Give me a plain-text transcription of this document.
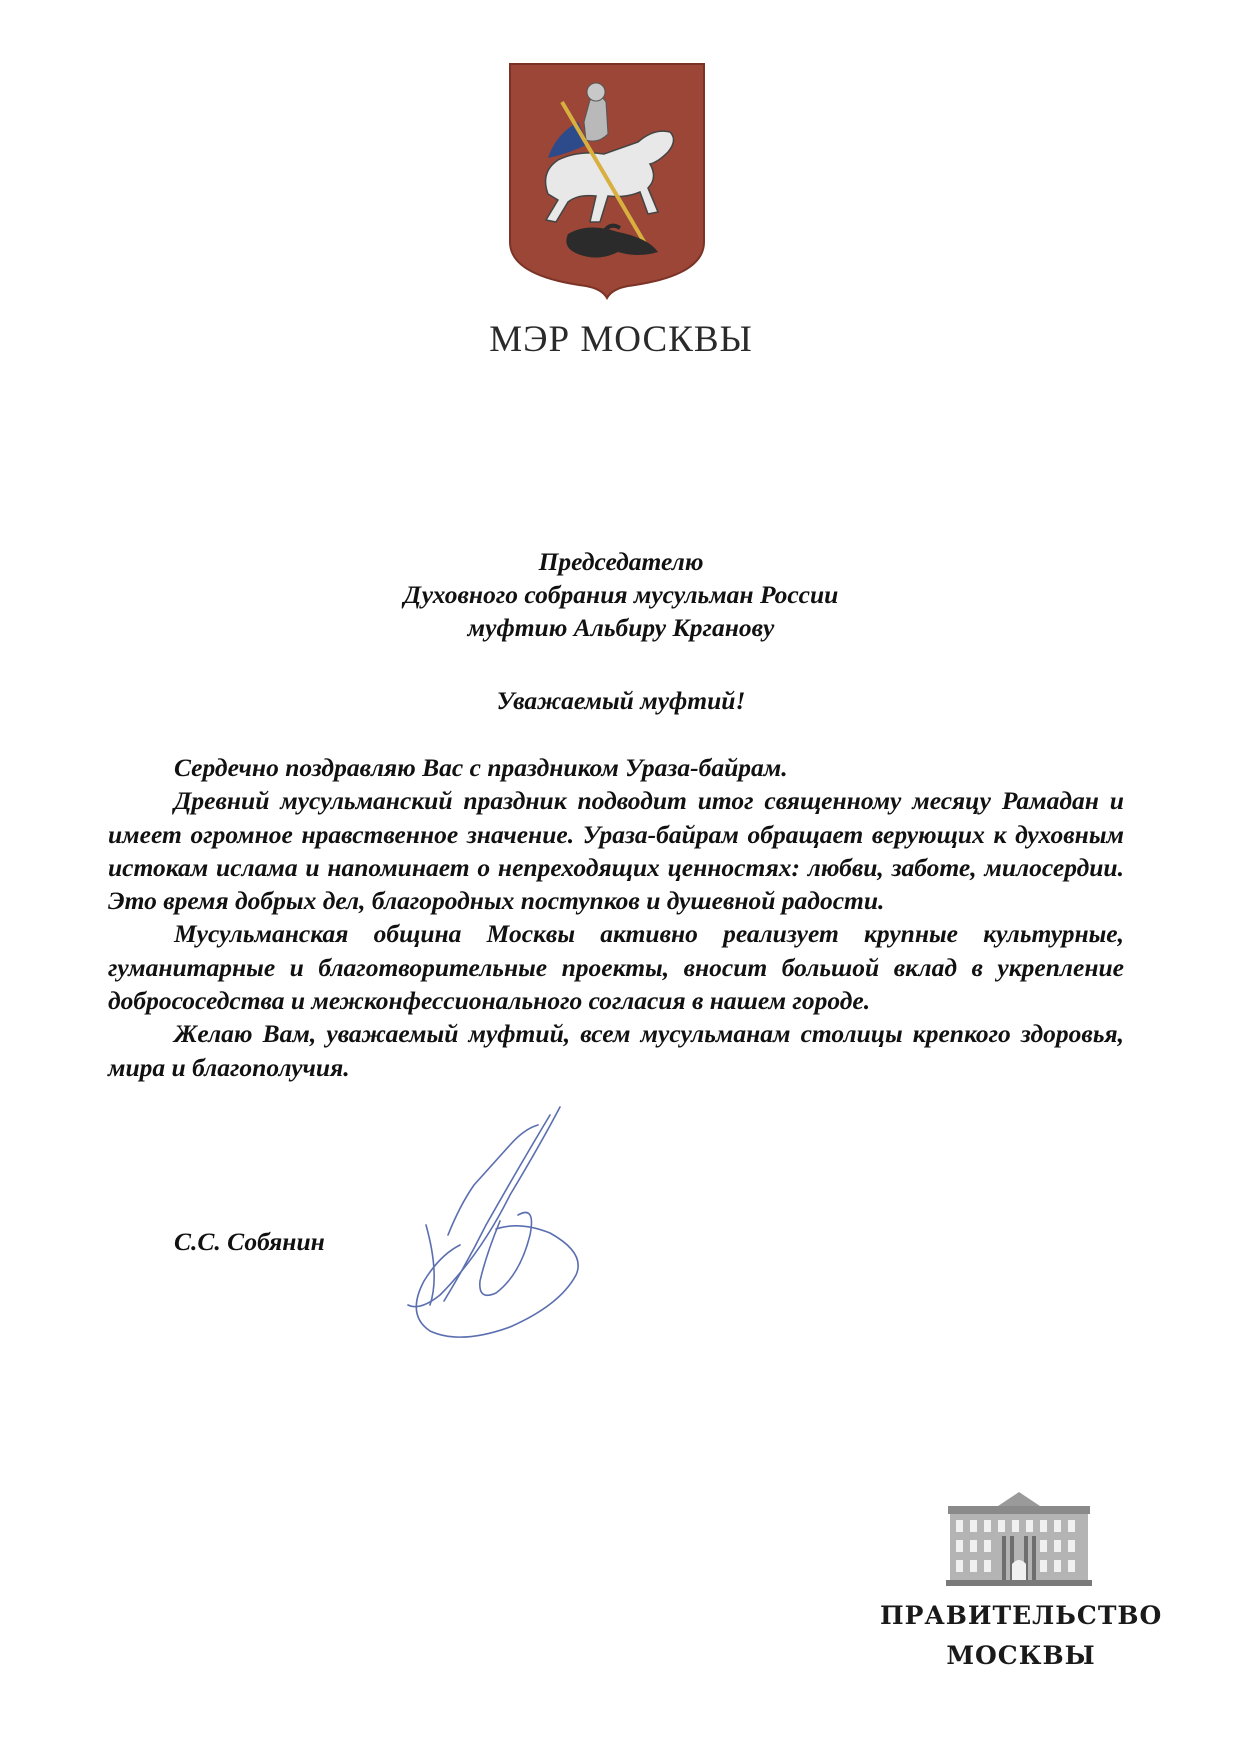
МЭР МОСКВЫ
Председателю
Духовного собрания мусульман России
муфтию Альбиру Крганову
Уважаемый муфтий!

Сердечно поздравляю Вас с праздником Ураза-байрам.

Древний мусульманский праздник подводит итог священному месяцу Рамадан и имеет огромное нравственное значение. Ураза-байрам обращает верующих к духовным истокам ислама и напоминает о непреходящих ценностях: любви, заботе, милосердии. Это время добрых дел, благородных поступков и душевной радости.

Мусульманская община Москвы активно реализует крупные культурные, гуманитарные и благотворительные проекты, вносит большой вклад в укрепление добрососедства и межконфессионального согласия в нашем городе.

Желаю Вам, уважаемый муфтий, всем мусульманам столицы крепкого здоровья, мира и благополучия.

С.С. Собянин
ПРАВИТЕЛЬСТВО
МОСКВЫ
